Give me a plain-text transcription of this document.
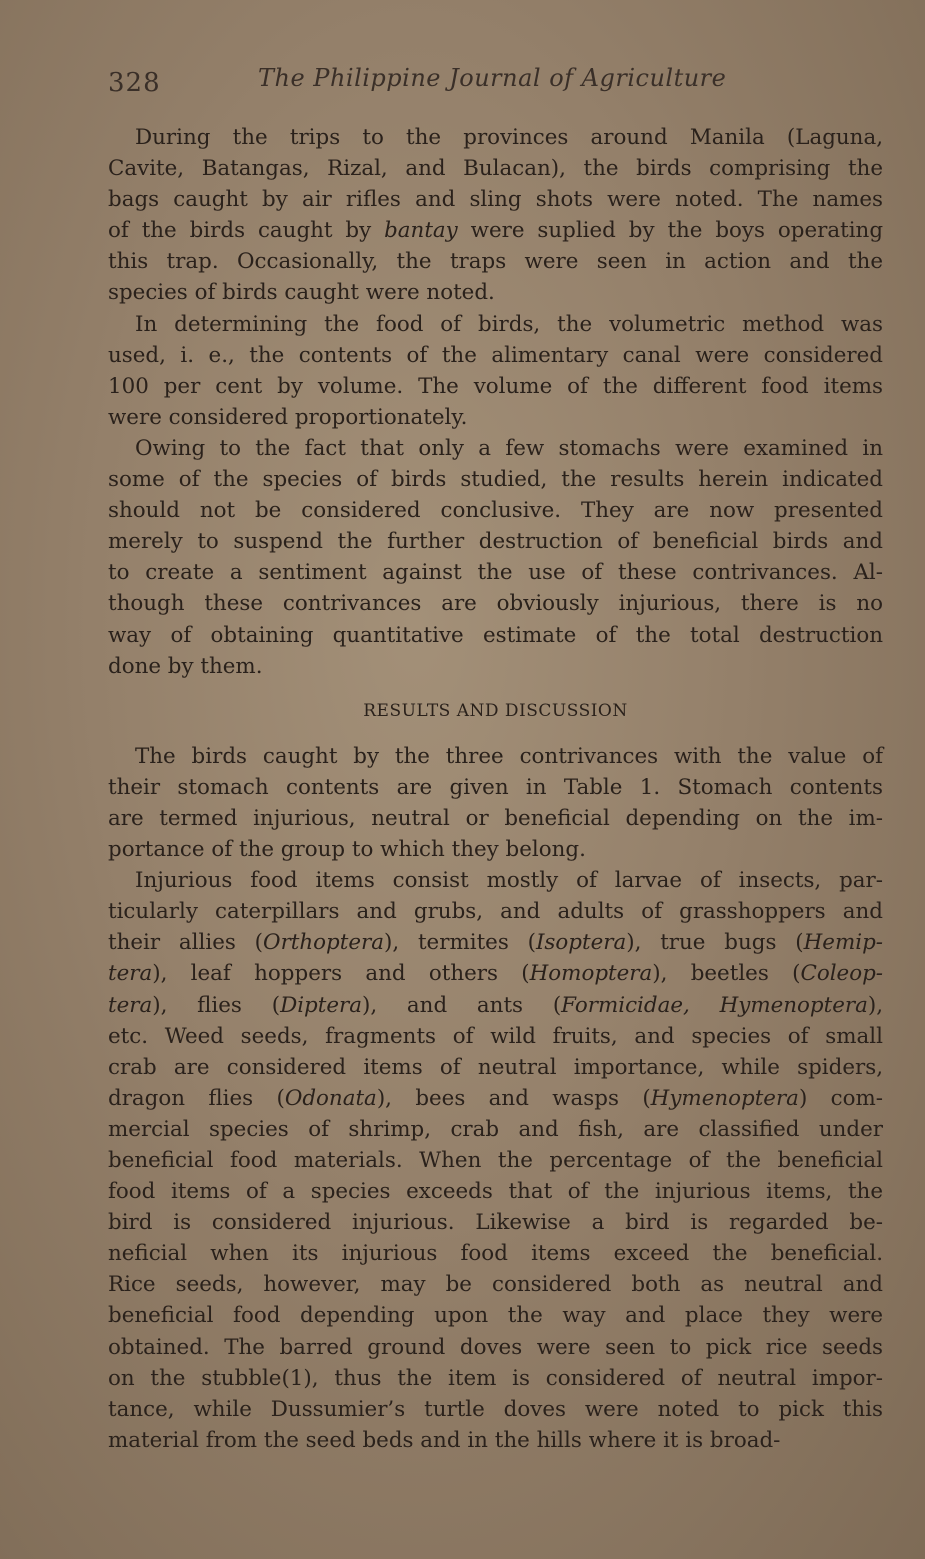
328	The Philippine Journal of Agriculture
During the trips to the provinces around Manila (Laguna,
Cavite, Batangas, Rizal, and Bulacan), the birds comprising the
bags caught by air rifles and sling shots were noted. The names
of the birds caught by bantay were suplied by the boys operating
this trap. Occasionally, the traps were seen in action and the
species of birds caught were noted.
In determining the food of birds, the volumetric method was
used, i. e., the contents of the alimentary canal were considered
100 per cent by volume. The volume of the different food items
were considered proportionately.
Owing to the fact that only a few stomachs were examined in
some of the species of birds studied, the results herein indicated
should not be considered conclusive. They are now presented
merely to suspend the further destruction of beneficial birds and
to create a sentiment against the use of these contrivances. Al-
though these contrivances are obviously injurious, there is no
way of obtaining quantitative estimate of the total destruction
done by them.
RESULTS AND DISCUSSION
The birds caught by the three contrivances with the value of
their stomach contents are given in Table 1. Stomach contents
are termed injurious, neutral or beneficial depending on the im-
portance of the group to which they belong.
Injurious food items consist mostly of larvae of insects, par-
ticularly caterpillars and grubs, and adults of grasshoppers and
their allies (Orthoptera), termites (Isoptera), true bugs (Hemip-
tera), leaf hoppers and others (Homoptera), beetles (Coleop-
tera), flies (Diptera), and ants (Formicidae, Hymenoptera),
etc. Weed seeds, fragments of wild fruits, and species of small
crab are considered items of neutral importance, while spiders,
dragon flies (Odonata), bees and wasps (Hymenoptera) com-
mercial species of shrimp, crab and fish, are classified under
beneficial food materials. When the percentage of the beneficial
food items of a species exceeds that of the injurious items, the
bird is considered injurious. Likewise a bird is regarded be-
neficial when its injurious food items exceed the beneficial.
Rice seeds, however, may be considered both as neutral and
beneficial food depending upon the way and place they were
obtained. The barred ground doves were seen to pick rice seeds
on the stubble(1), thus the item is considered of neutral impor-
tance, while Dussumier’s turtle doves were noted to pick this
material from the seed beds and in the hills where it is broad-
